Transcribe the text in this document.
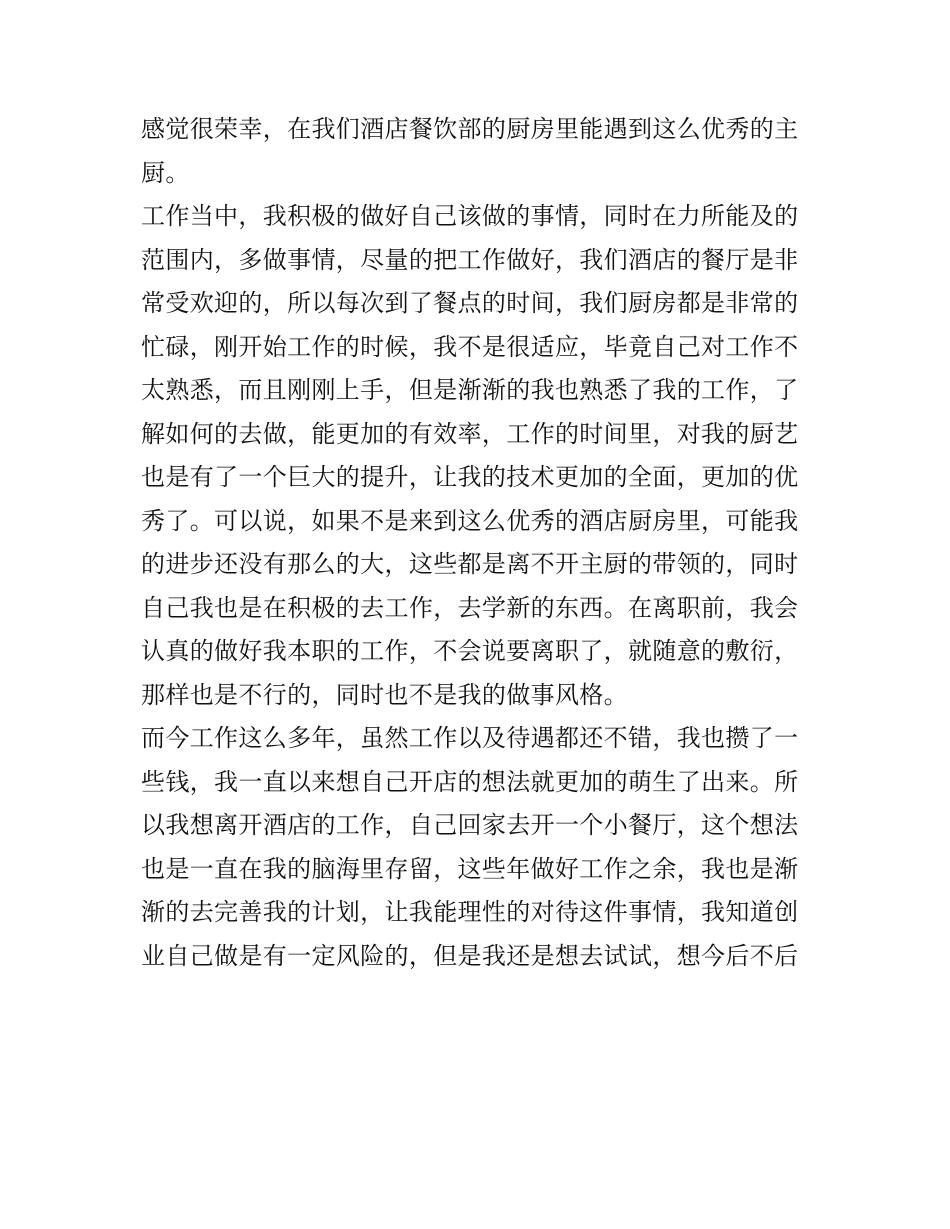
感觉很荣幸，在我们酒店餐饮部的厨房里能遇到这么优秀的主
厨。
工作当中，我积极的做好自己该做的事情，同时在力所能及的
范围内，多做事情，尽量的把工作做好，我们酒店的餐厅是非
常受欢迎的，所以每次到了餐点的时间，我们厨房都是非常的
忙碌，刚开始工作的时候，我不是很适应，毕竟自己对工作不
太熟悉，而且刚刚上手，但是渐渐的我也熟悉了我的工作，了
解如何的去做，能更加的有效率，工作的时间里，对我的厨艺
也是有了一个巨大的提升，让我的技术更加的全面，更加的优
秀了。可以说，如果不是来到这么优秀的酒店厨房里，可能我
的进步还没有那么的大，这些都是离不开主厨的带领的，同时
自己我也是在积极的去工作，去学新的东西。在离职前，我会
认真的做好我本职的工作，不会说要离职了，就随意的敷衍，
那样也是不行的，同时也不是我的做事风格。
而今工作这么多年，虽然工作以及待遇都还不错，我也攒了一
些钱，我一直以来想自己开店的想法就更加的萌生了出来。所
以我想离开酒店的工作，自己回家去开一个小餐厅，这个想法
也是一直在我的脑海里存留，这些年做好工作之余，我也是渐
渐的去完善我的计划，让我能理性的对待这件事情，我知道创
业自己做是有一定风险的，但是我还是想去试试，想今后不后
